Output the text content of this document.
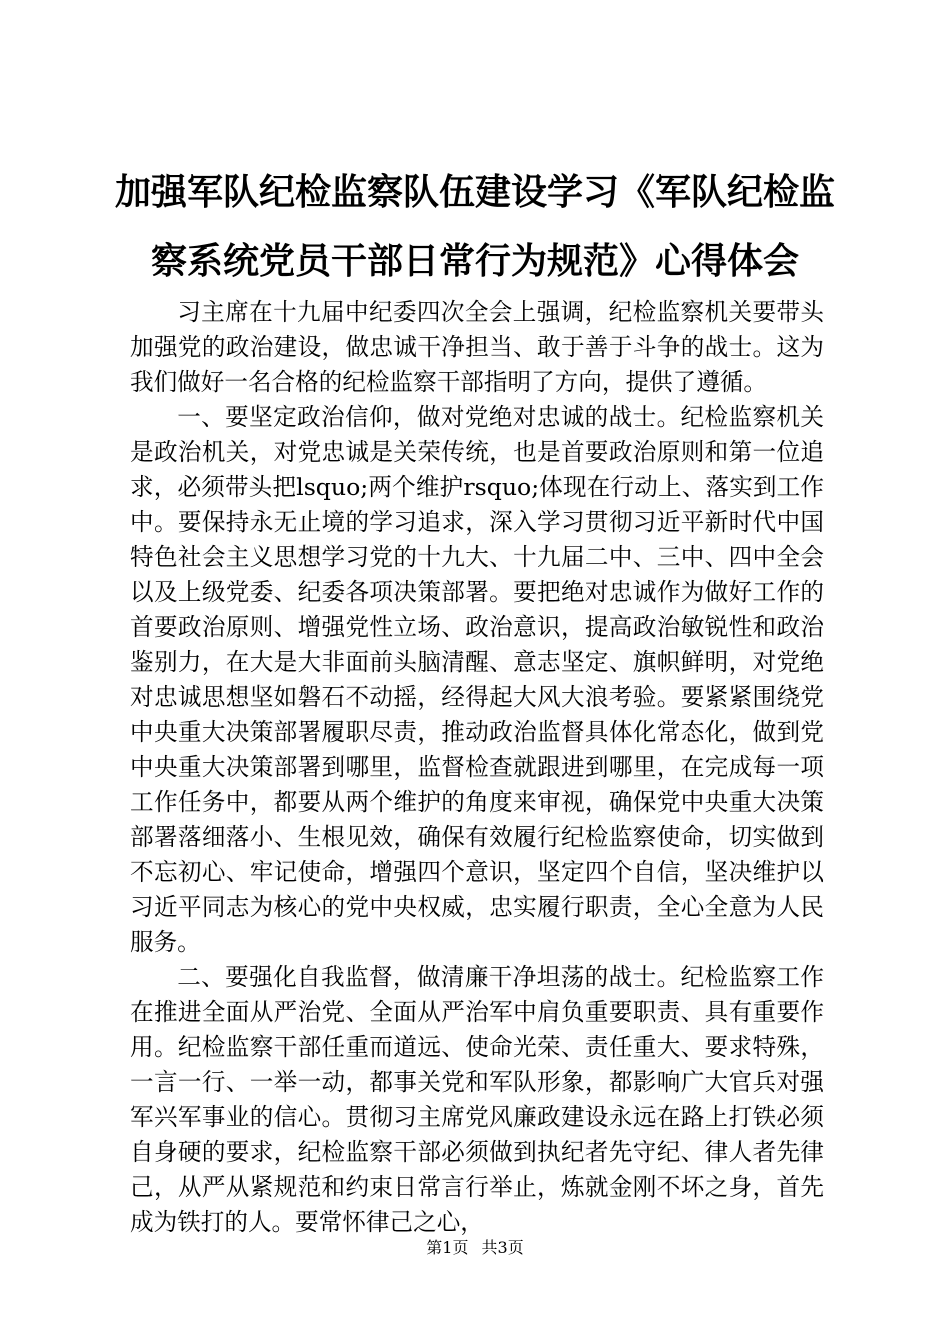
加强军队纪检监察队伍建设学习《军队纪检监察系统党员干部日常行为规范》心得体会

习主席在十九届中纪委四次全会上强调，纪检监察机关要带头加强党的政治建设，做忠诚干净担当、敢于善于斗争的战士。这为我们做好一名合格的纪检监察干部指明了方向，提供了遵循。

一、要坚定政治信仰，做对党绝对忠诚的战士。纪检监察机关是政治机关，对党忠诚是关荣传统，也是首要政治原则和第一位追求，必须带头把lsquo;两个维护rsquo;体现在行动上、落实到工作中。要保持永无止境的学习追求，深入学习贯彻习近平新时代中国特色社会主义思想学习党的十九大、十九届二中、三中、四中全会以及上级党委、纪委各项决策部署。要把绝对忠诚作为做好工作的首要政治原则、增强党性立场、政治意识，提高政治敏锐性和政治鉴别力，在大是大非面前头脑清醒、意志坚定、旗帜鲜明，对党绝对忠诚思想坚如磐石不动摇，经得起大风大浪考验。要紧紧围绕党中央重大决策部署履职尽责，推动政治监督具体化常态化，做到党中央重大决策部署到哪里，监督检查就跟进到哪里，在完成每一项工作任务中，都要从两个维护的角度来审视，确保党中央重大决策部署落细落小、生根见效，确保有效履行纪检监察使命，切实做到不忘初心、牢记使命，增强四个意识，坚定四个自信，坚决维护以习近平同志为核心的党中央权威，忠实履行职责，全心全意为人民服务。

二、要强化自我监督，做清廉干净坦荡的战士。纪检监察工作在推进全面从严治党、全面从严治军中肩负重要职责、具有重要作用。纪检监察干部任重而道远、使命光荣、责任重大、要求特殊，一言一行、一举一动，都事关党和军队形象，都影响广大官兵对强军兴军事业的信心。贯彻习主席党风廉政建设永远在路上打铁必须自身硬的要求，纪检监察干部必须做到执纪者先守纪、律人者先律己，从严从紧规范和约束日常言行举止，炼就金刚不坏之身，首先成为铁打的人。要常怀律己之心，

第1页 共3页
